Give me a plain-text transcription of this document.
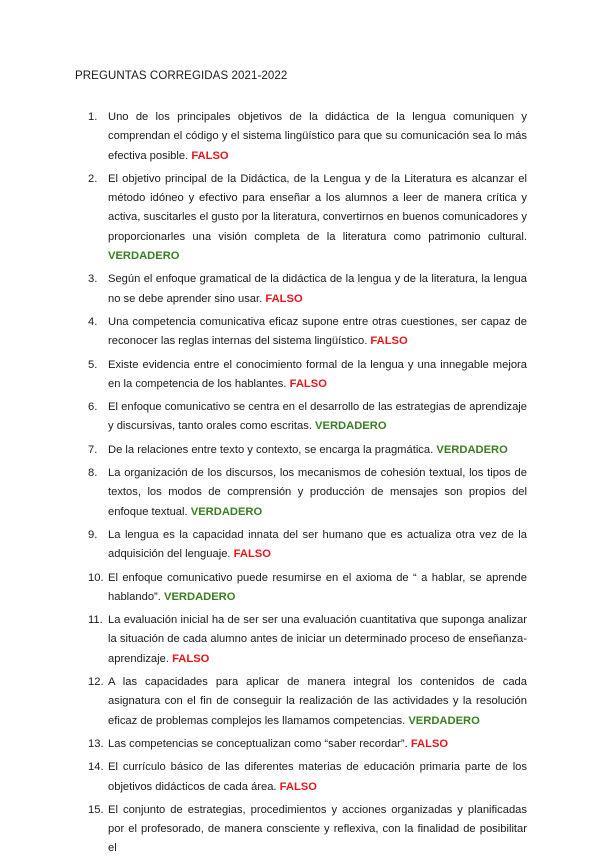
PREGUNTAS CORREGIDAS 2021-2022
1. Uno de los principales objetivos de la didáctica de la lengua comuniquen y comprendan el código y el sistema lingüístico para que su comunicación sea lo más efectiva posible. FALSO
2. El objetivo principal de la Didáctica, de la Lengua y de la Literatura es alcanzar el método idóneo y efectivo para enseñar a los alumnos a leer de manera crítica y activa, suscitarles el gusto por la literatura, convertirnos en buenos comunicadores y proporcionarles una visión completa de la literatura como patrimonio cultural. VERDADERO
3. Según el enfoque gramatical de la didáctica de la lengua y de la literatura, la lengua no se debe aprender sino usar. FALSO
4. Una competencia comunicativa eficaz supone entre otras cuestiones, ser capaz de reconocer las reglas internas del sistema lingüístico. FALSO
5. Existe evidencia entre el conocimiento formal de la lengua y una innegable mejora en la competencia de los hablantes. FALSO
6. El enfoque comunicativo se centra en el desarrollo de las estrategias de aprendizaje y discursivas, tanto orales como escritas. VERDADERO
7. De la relaciones entre texto y contexto, se encarga la pragmática. VERDADERO
8. La organización de los discursos, los mecanismos de cohesión textual, los tipos de textos, los modos de comprensión y producción de mensajes son propios del enfoque textual. VERDADERO
9. La lengua es la capacidad innata del ser humano que es actualiza otra vez de la adquisición del lenguaje. FALSO
10. El enfoque comunicativo puede resumirse en el axioma de “ a hablar, se aprende hablando”. VERDADERO
11. La evaluación inicial ha de ser ser una evaluación cuantitativa que suponga analizar la situación de cada alumno antes de iniciar un determinado proceso de enseñanza-aprendizaje. FALSO
12. A las capacidades para aplicar de manera integral los contenidos de cada asignatura con el fin de conseguir la realización de las actividades y la resolución eficaz de problemas complejos les llamamos competencias. VERDADERO
13. Las competencias se conceptualizan como “saber recordar”. FALSO
14. El currículo básico de las diferentes materias de educación primaria parte de los objetivos didácticos de cada área. FALSO
15. El conjunto de estrategias, procedimientos y acciones organizadas y planificadas por el profesorado, de manera consciente y reflexiva, con la finalidad de posibilitar el
